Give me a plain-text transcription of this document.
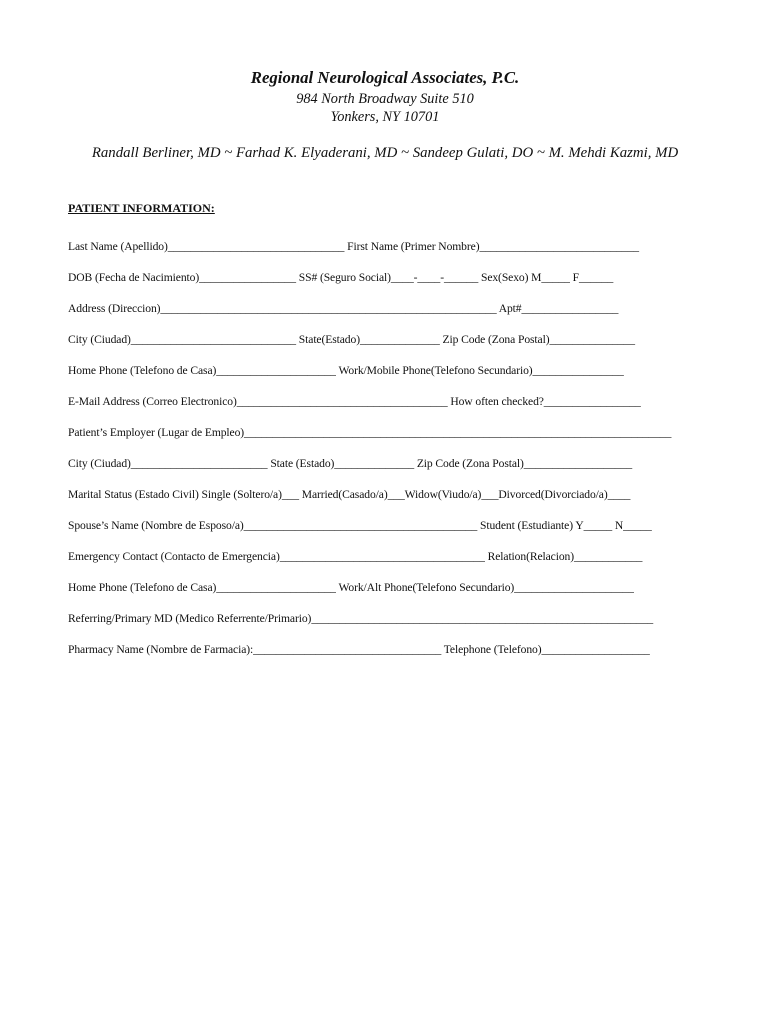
Regional Neurological Associates, P.C.
984 North Broadway Suite 510
Yonkers, NY 10701
Randall Berliner, MD ~ Farhad K. Elyaderani, MD ~ Sandeep Gulati, DO ~ M. Mehdi Kazmi, MD
PATIENT INFORMATION:
Last Name (Apellido)_______________________________ First Name (Primer Nombre)____________________________
DOB (Fecha de Nacimiento)_________________ SS# (Seguro Social)____-____-______ Sex(Sexo) M_____ F______
Address (Direccion)___________________________________________________________ Apt#_________________
City (Ciudad)_____________________________ State(Estado)______________ Zip Code (Zona Postal)_______________
Home Phone (Telefono de Casa)_____________________ Work/Mobile Phone(Telefono Secundario)________________
E-Mail Address (Correo Electronico)_____________________________________ How often checked?_________________
Patient’s Employer (Lugar de Empleo)___________________________________________________________________________
City (Ciudad)________________________ State (Estado)______________ Zip Code (Zona Postal)___________________
Marital Status (Estado Civil) Single (Soltero/a)___ Married(Casado/a)___Widow(Viudo/a)___Divorced(Divorciado/a)____
Spouse’s Name (Nombre de Esposo/a)_________________________________________ Student (Estudiante) Y_____ N_____
Emergency Contact (Contacto de Emergencia)____________________________________ Relation(Relacion)____________
Home Phone (Telefono de Casa)_____________________ Work/Alt Phone(Telefono Secundario)_____________________
Referring/Primary MD (Medico Referrente/Primario)____________________________________________________________
Pharmacy Name (Nombre de Farmacia):_________________________________ Telephone (Telefono)___________________
